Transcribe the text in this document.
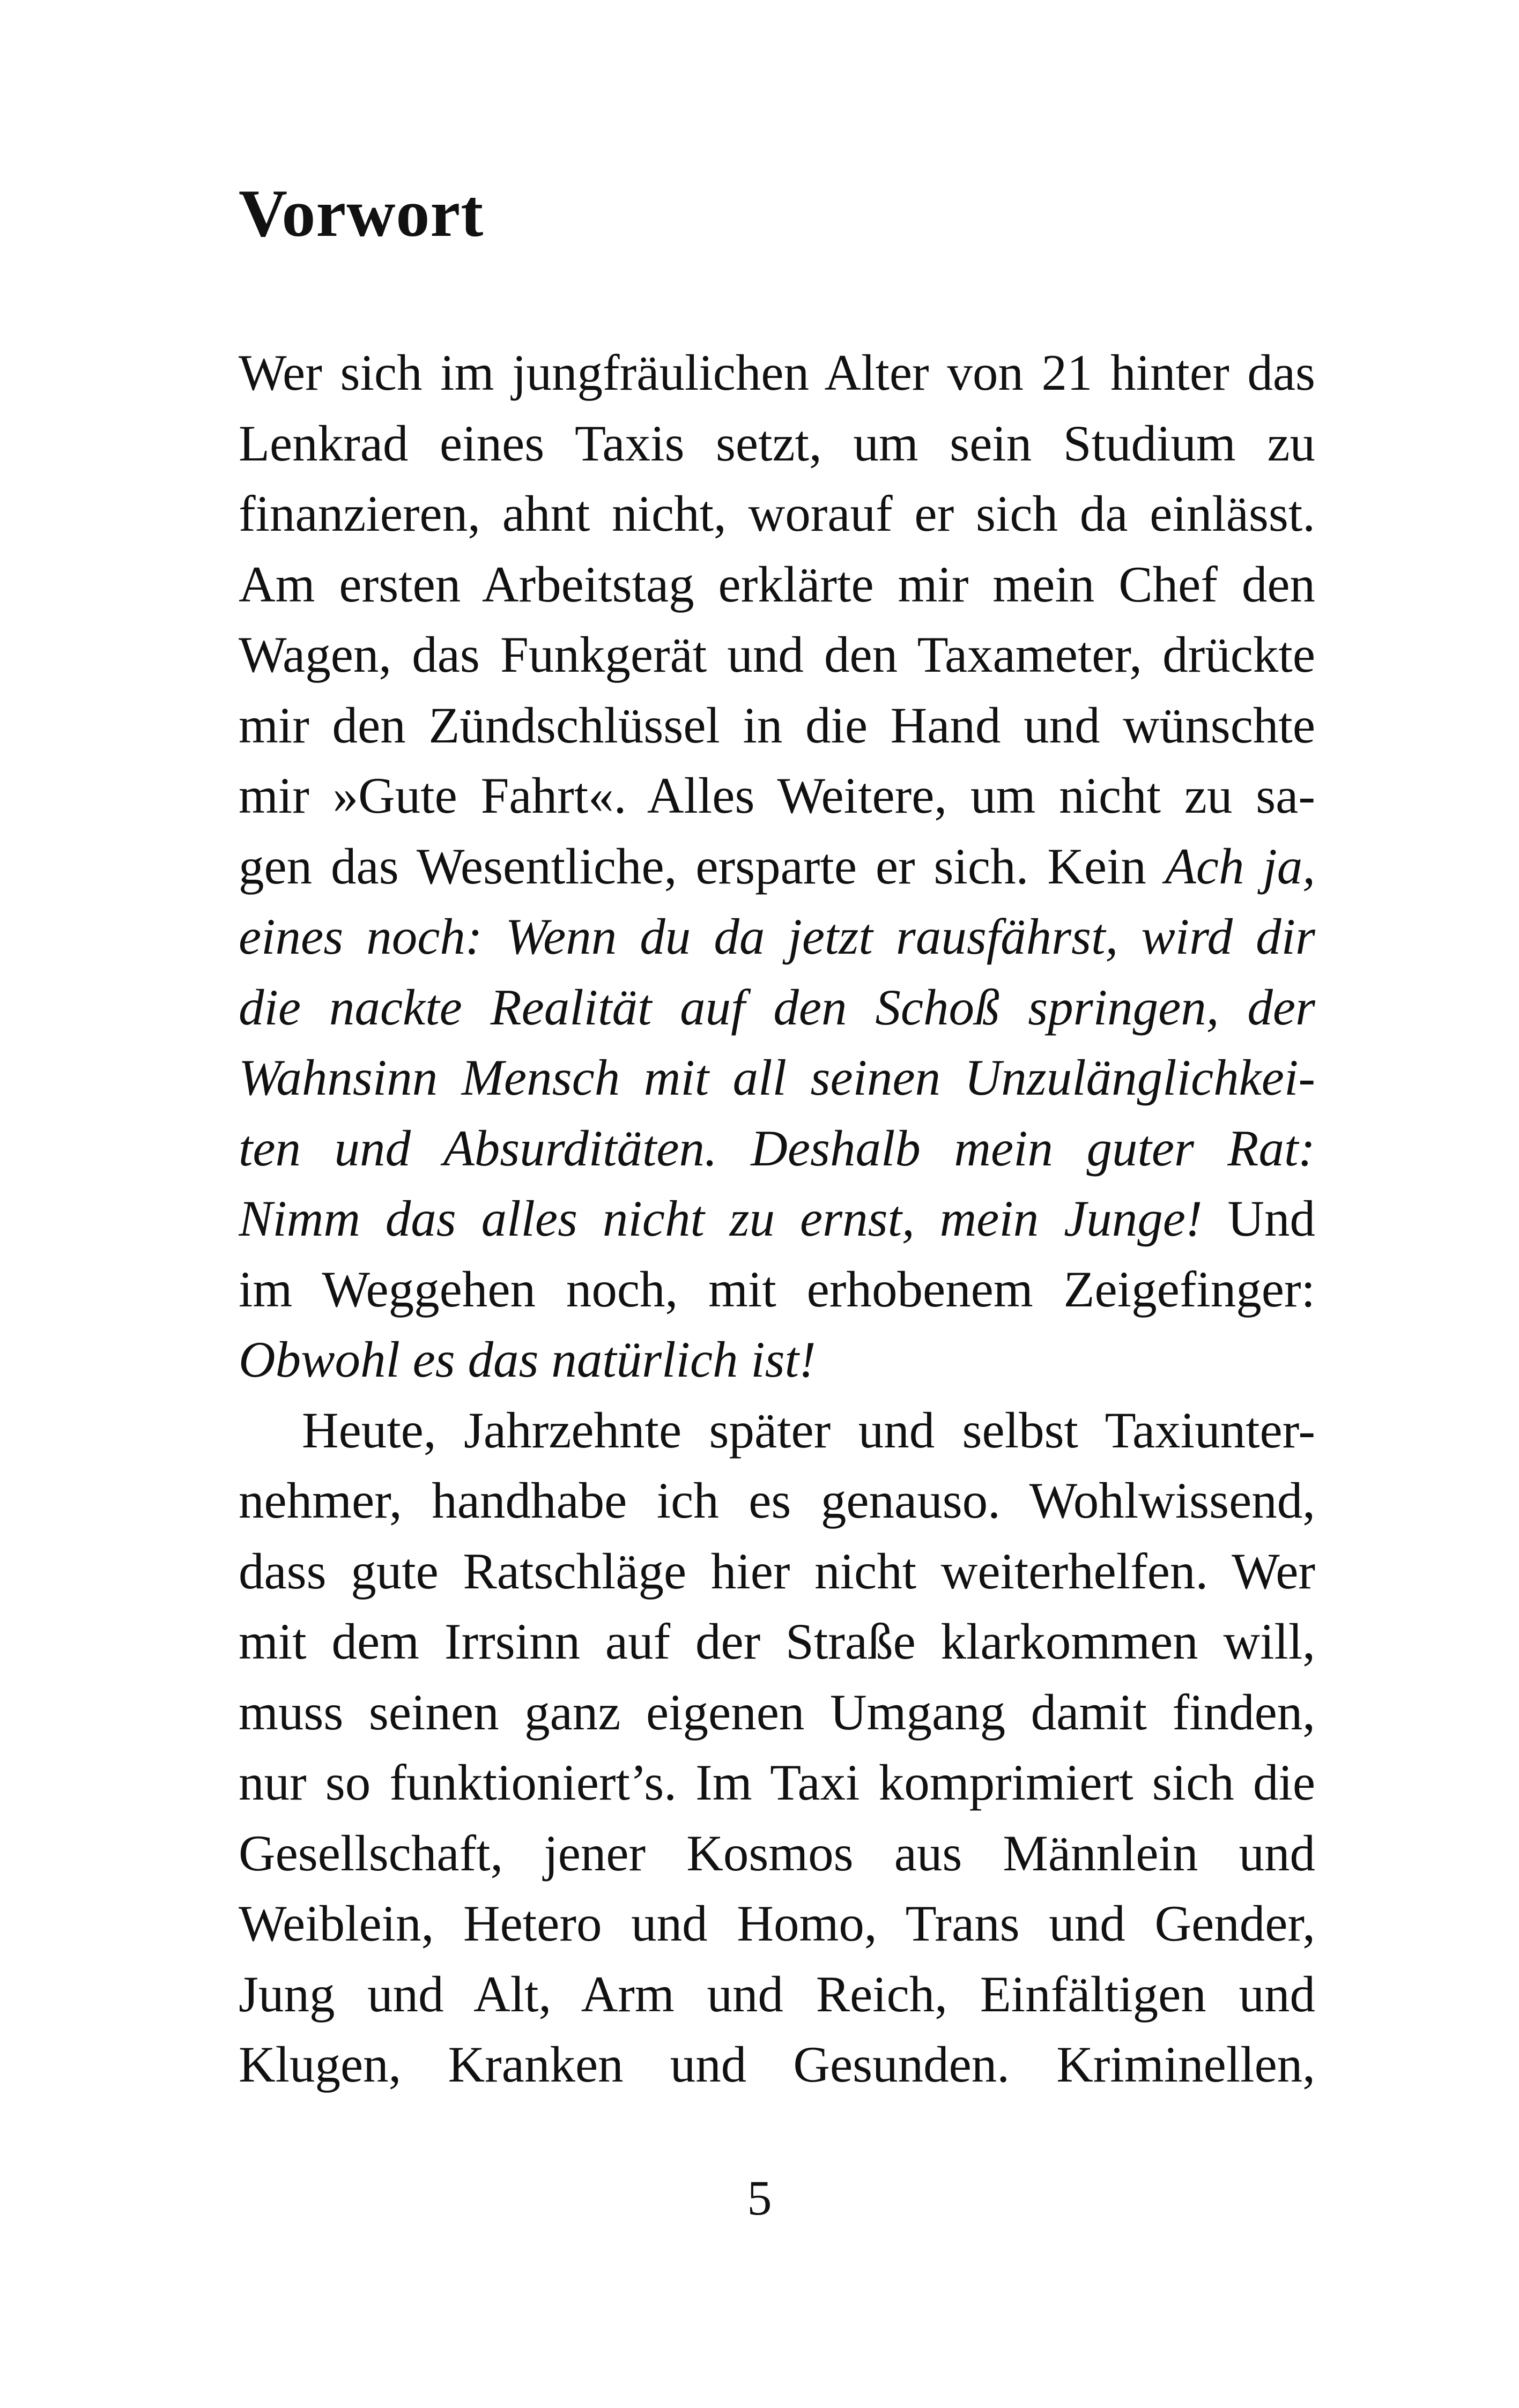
Vorwort
Wer sich im jungfräulichen Alter von 21 hinter das
Lenkrad eines Taxis setzt, um sein Studium zu
finanzieren, ahnt nicht, worauf er sich da einlässt.
Am ersten Arbeitstag erklärte mir mein Chef den
Wagen, das Funkgerät und den Taxameter, drückte
mir den Zündschlüssel in die Hand und wünschte
mir »Gute Fahrt«. Alles Weitere, um nicht zu sa-
gen das Wesentliche, ersparte er sich. Kein Ach ja,
eines noch: Wenn du da jetzt rausfährst, wird dir
die nackte Realität auf den Schoß springen, der
Wahnsinn Mensch mit all seinen Unzulänglichkei-
ten und Absurditäten. Deshalb mein guter Rat:
Nimm das alles nicht zu ernst, mein Junge! Und
im Weggehen noch, mit erhobenem Zeigefinger:
Obwohl es das natürlich ist!
Heute, Jahrzehnte später und selbst Taxiunter-
nehmer, handhabe ich es genauso. Wohlwissend,
dass gute Ratschläge hier nicht weiterhelfen. Wer
mit dem Irrsinn auf der Straße klarkommen will,
muss seinen ganz eigenen Umgang damit finden,
nur so funktioniert’s. Im Taxi komprimiert sich die
Gesellschaft, jener Kosmos aus Männlein und
Weiblein, Hetero und Homo, Trans und Gender,
Jung und Alt, Arm und Reich, Einfältigen und
Klugen, Kranken und Gesunden. Kriminellen,
5
